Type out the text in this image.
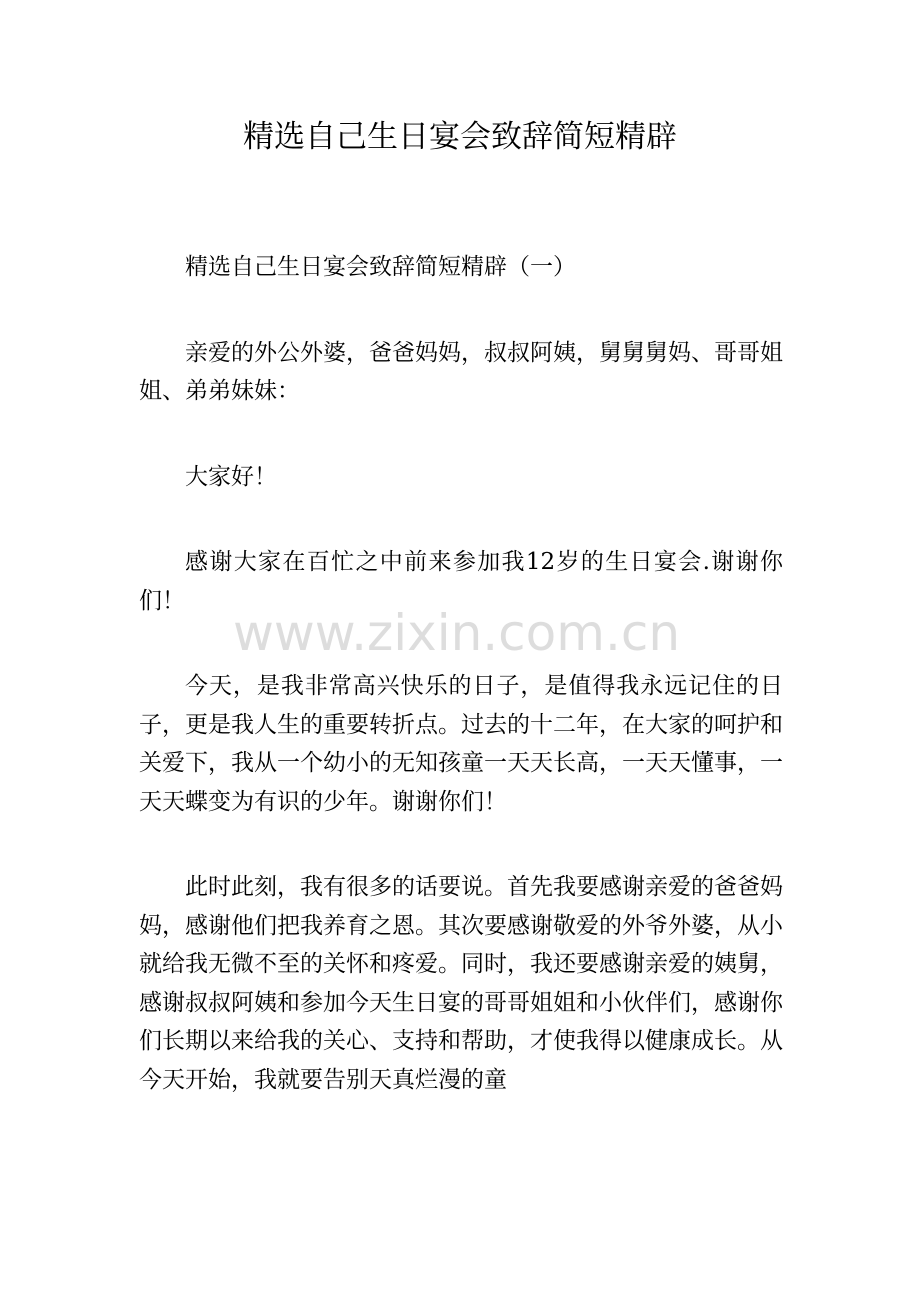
精选自己生日宴会致辞简短精辟

精选自己生日宴会致辞简短精辟（一）

亲爱的外公外婆，爸爸妈妈，叔叔阿姨，舅舅舅妈、哥哥姐姐、弟弟妹妹：

大家好！

感谢大家在百忙之中前来参加我12岁的生日宴会.谢谢你们！

今天，是我非常高兴快乐的日子，是值得我永远记住的日子，更是我人生的重要转折点。过去的十二年，在大家的呵护和关爱下，我从一个幼小的无知孩童一天天长高，一天天懂事，一天天蝶变为有识的少年。谢谢你们！

此时此刻，我有很多的话要说。首先我要感谢亲爱的爸爸妈妈，感谢他们把我养育之恩。其次要感谢敬爱的外爷外婆，从小就给我无微不至的关怀和疼爱。同时，我还要感谢亲爱的姨舅，感谢叔叔阿姨和参加今天生日宴的哥哥姐姐和小伙伴们，感谢你们长期以来给我的关心、支持和帮助，才使我得以健康成长。从今天开始，我就要告别天真烂漫的童

www.zixin.com.cn
